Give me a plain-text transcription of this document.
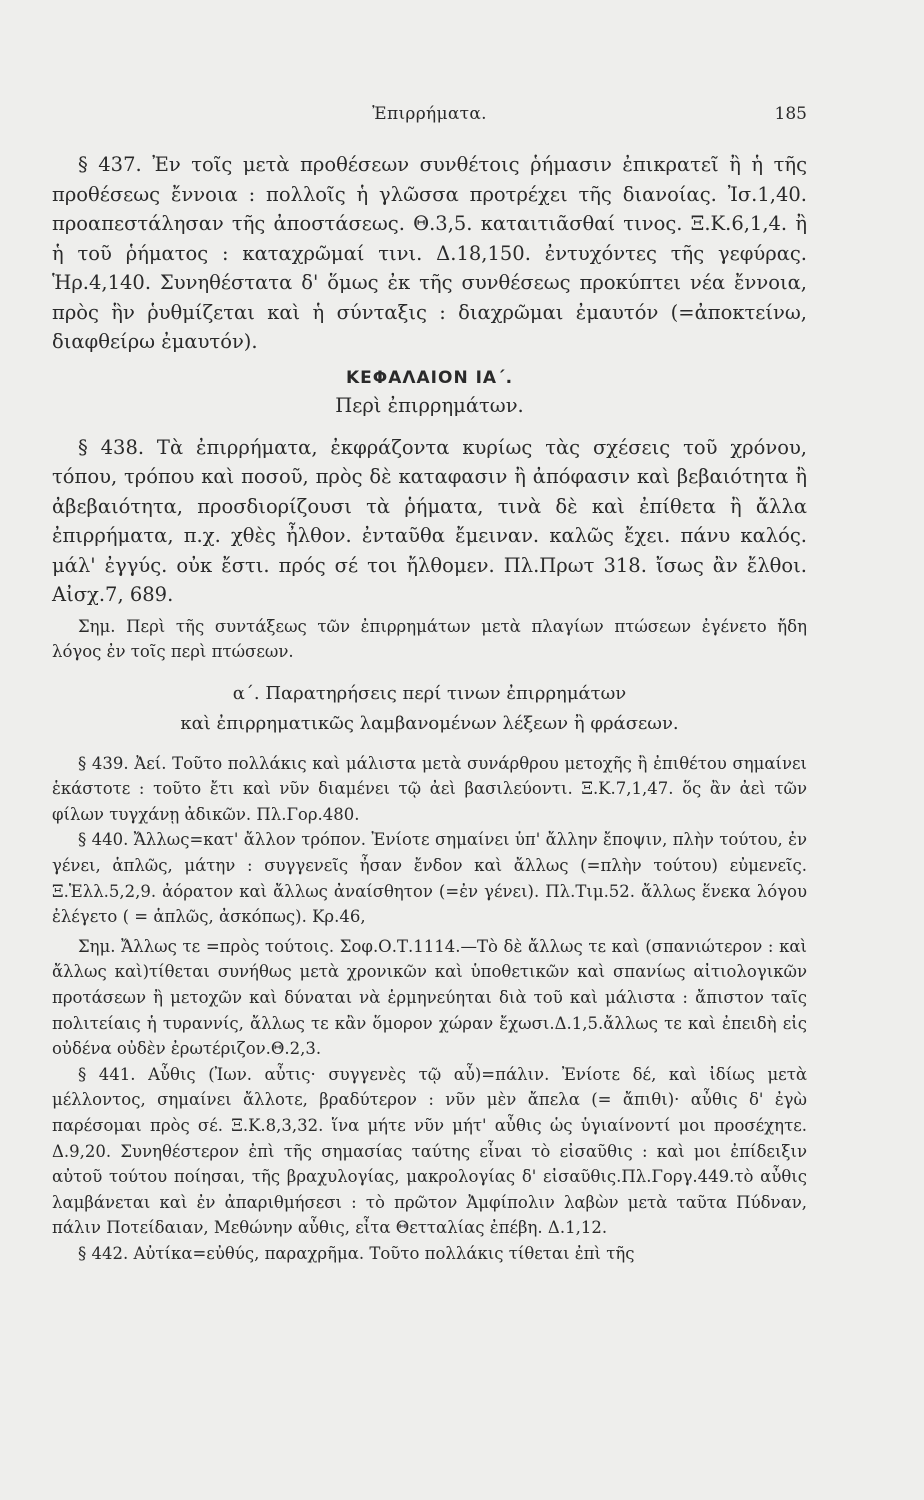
Ἐπιρρήματα.	185

§ 437. Ἐν τοῖς μετὰ προθέσεων συνθέτοις ῥήμασιν ἐπικρατεῖ ἢ ἡ τῆς προθέσεως ἔννοια : πολλοῖς ἡ γλῶσσα προτρέχει τῆς διανοίας. Ἰσ.1,40. προαπεστάλησαν τῆς ἀποστάσεως. Θ.3,5. καταιτιᾶσθαί τινος. Ξ.Κ.6,1,4. ἢ ἡ τοῦ ῥήματος : καταχρῶμαί τινι. Δ.18,150. ἐντυχόντες τῆς γεφύρας. Ἡρ.4,140. Συνηθέστατα δ' ὅμως ἐκ τῆς συνθέσεως προκύπτει νέα ἔννοια, πρὸς ἣν ῥυθμίζεται καὶ ἡ σύνταξις : διαχρῶμαι ἐμαυτόν (=ἀποκτείνω, διαφθείρω ἐμαυτόν).

ΚΕΦΑΛΑΙΟΝ ΙΑ΄.
Περὶ ἐπιρρημάτων.

§ 438. Τὰ ἐπιρρήματα, ἐκφράζοντα κυρίως τὰς σχέσεις τοῦ χρόνου, τόπου, τρόπου καὶ ποσοῦ, πρὸς δὲ καταφασιν ἢ ἀπόφασιν καὶ βεβαιότητα ἢ ἀβεβαιότητα, προσδιορίζουσι τὰ ῥήματα, τινὰ δὲ καὶ ἐπίθετα ἢ ἄλλα ἐπιρρήματα, π.χ. χθὲς ἦλθον. ἐνταῦθα ἔμειναν. καλῶς ἔχει. πάνυ καλός. μάλ' ἐγγύς. οὐκ ἔστι. πρός σέ τοι ἤλθομεν. Πλ.Πρωτ 318. ἴσως ἂν ἔλθοι. Αἰσχ.7, 689.

Σημ. Περὶ τῆς συντάξεως τῶν ἐπιρρημάτων μετὰ πλαγίων πτώσεων ἐγένετο ἤδη λόγος ἐν τοῖς περὶ πτώσεων.

α΄. Παρατηρήσεις περί τινων ἐπιρρημάτων
καὶ ἐπιρρηματικῶς λαμβανομένων λέξεων ἢ φράσεων.

§ 439. Ἀεί. Τοῦτο πολλάκις καὶ μάλιστα μετὰ συνάρθρου μετοχῆς ἢ ἐπιθέτου σημαίνει ἑκάστοτε : τοῦτο ἔτι καὶ νῦν διαμένει τῷ ἀεὶ βασιλεύοντι. Ξ.Κ.7,1,47. ὅς ἂν ἀεὶ τῶν φίλων τυγχάνῃ ἀδικῶν. Πλ.Γορ.480.

§ 440. Ἄλλως=κατ' ἄλλον τρόπον. Ἐνίοτε σημαίνει ὑπ' ἄλλην ἔποψιν, πλὴν τούτου, ἐν γένει, ἁπλῶς, μάτην : συγγενεῖς ἦσαν ἔνδον καὶ ἄλλως (=πλὴν τούτου) εὐμενεῖς. Ξ.Ἑλλ.5,2,9. ἀόρατον καὶ ἄλλως ἀναίσθητον (=ἐν γένει). Πλ.Τιμ.52. ἄλλως ἕνεκα λόγου ἐλέγετο ( = ἁπλῶς, ἀσκόπως). Κρ.46,

Σημ. Ἄλλως τε =πρὸς τούτοις. Σοφ.Ο.Τ.1114.—Τὸ δὲ ἄλλως τε καὶ (σπανιώτερον : καὶ ἄλλως καὶ)τίθεται συνήθως μετὰ χρονικῶν καὶ ὑποθετικῶν καὶ σπανίως αἰτιολογικῶν προτάσεων ἢ μετοχῶν καὶ δύναται νὰ ἑρμηνεύηται διὰ τοῦ καὶ μάλιστα : ἄπιστον ταῖς πολιτείαις ἡ τυραννίς, ἄλλως τε κἂν ὅμορον χώραν ἔχωσι.Δ.1,5.ἄλλως τε καὶ ἐπειδὴ εἰς οὐδένα οὐδὲν ἐρωτέριζον.Θ.2,3.

§ 441. Αὖθις (Ἰων. αὖτις· συγγενὲς τῷ αὖ)=πάλιν. Ἐνίοτε δέ, καὶ ἰδίως μετὰ μέλλοντος, σημαίνει ἄλλοτε, βραδύτερον : νῦν μὲν ἄπελα (= ἄπιθι)· αὖθις δ' ἐγὼ παρέσομαι πρὸς σέ. Ξ.Κ.8,3,32. ἵνα μήτε νῦν μήτ' αὖθις ὡς ὑγιαίνοντί μοι προσέχητε. Δ.9,20. Συνηθέστερον ἐπὶ τῆς σημασίας ταύτης εἶναι τὸ εἰσαῦθις : καὶ μοι ἐπίδειξιν αὐτοῦ τούτου ποίησαι, τῆς βραχυλογίας, μακρολογίας δ' εἰσαῦθις.Πλ.Γοργ.449.τὸ αὖθις λαμβάνεται καὶ ἐν ἀπαριθμήσεσι : τὸ πρῶτον Ἀμφίπολιν λαβὼν μετὰ ταῦτα Πύδναν, πάλιν Ποτείδαιαν, Μεθώνην αὖθις, εἶτα Θετταλίας ἐπέβη. Δ.1,12.

§ 442. Αὐτίκα=εὐθύς, παραχρῆμα. Τοῦτο πολλάκις τίθεται ἐπὶ τῆς
